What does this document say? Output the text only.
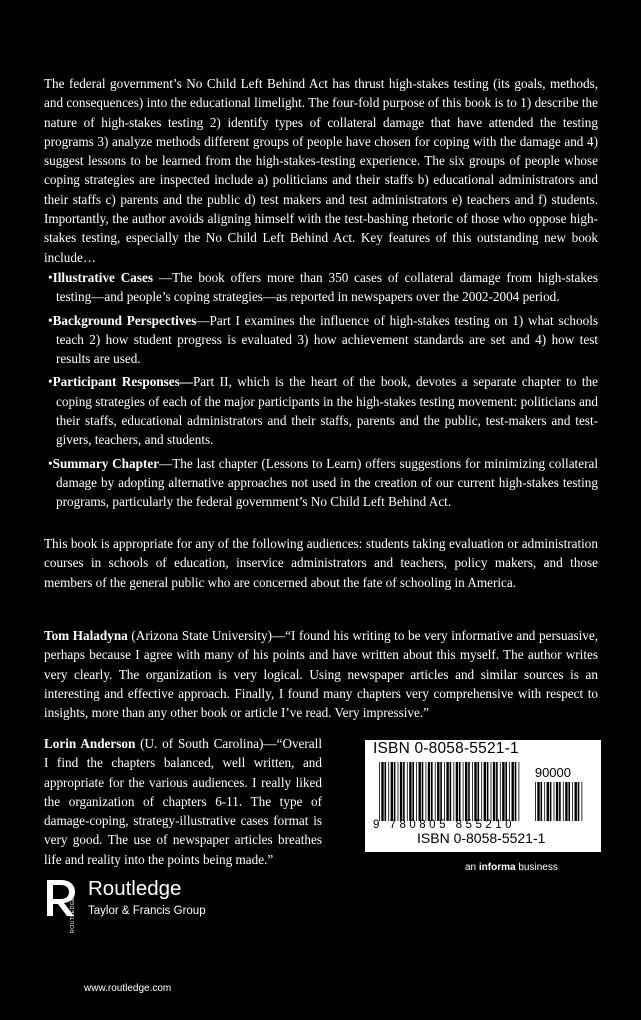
The federal government’s No Child Left Behind Act has thrust high-stakes testing (its goals, methods, and consequences) into the educational limelight. The four-fold purpose of this book is to 1) describe the nature of high-stakes testing 2) identify types of collateral damage that have attended the testing programs 3) analyze methods different groups of people have chosen for coping with the damage and 4) suggest lessons to be learned from the high-stakes-testing experience. The six groups of people whose coping strategies are inspected include a) politicians and their staffs b) educational administrators and their staffs c) parents and the public d) test makers and test administrators e) teachers and f) students. Importantly, the author avoids aligning himself with the test-bashing rhetoric of those who oppose high-stakes testing, especially the No Child Left Behind Act. Key features of this outstanding new book include…

•Illustrative Cases —The book offers more than 350 cases of collateral damage from high-stakes testing—and people’s coping strategies—as reported in newspapers over the 2002-2004 period.
•Background Perspectives—Part I examines the influence of high-stakes testing on 1) what schools teach 2) how student progress is evaluated 3) how achievement standards are set and 4) how test results are used.
•Participant Responses—Part II, which is the heart of the book, devotes a separate chapter to the coping strategies of each of the major participants in the high-stakes testing movement: politicians and their staffs, educational administrators and their staffs, parents and the public, test-makers and test-givers, teachers, and students.
•Summary Chapter—The last chapter (Lessons to Learn) offers suggestions for minimizing collateral damage by adopting alternative approaches not used in the creation of our current high-stakes testing programs, particularly the federal government’s No Child Left Behind Act.

This book is appropriate for any of the following audiences: students taking evaluation or administration courses in schools of education, inservice administrators and teachers, policy makers, and those members of the general public who are concerned about the fate of schooling in America.

Tom Haladyna (Arizona State University)—“I found his writing to be very informative and persuasive, perhaps because I agree with many of his points and have written about this myself. The author writes very clearly. The organization is very logical. Using newspaper articles and similar sources is an interesting and effective approach. Finally, I found many chapters very comprehensive with respect to insights, more than any other book or article I’ve read. Very impressive.”

Lorin Anderson (U. of South Carolina)—“Overall I find the chapters balanced, well written, and appropriate for the various audiences. I really liked the organization of chapters 6-11. The type of damage-coping, strategy-illustrative cases format is very good. The use of newspaper articles breathes life and reality into the points being made.”

ISBN 0-8058-5521-1
90000
9 780805 855210
ISBN 0-8058-5521-1
an informa business
ROUTLEDGE
Routledge
Taylor & Francis Group
www.routledge.com
